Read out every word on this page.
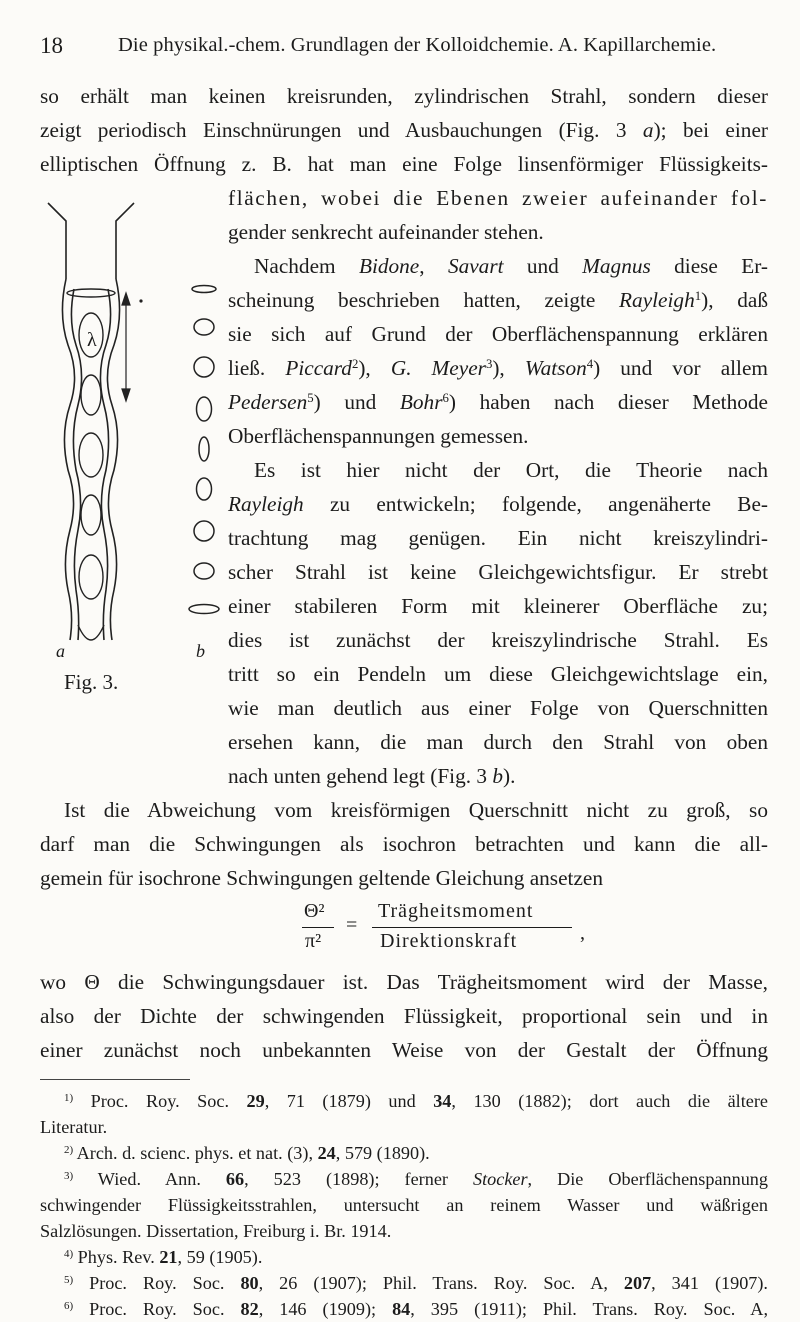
18	Die physikal.-chem. Grundlagen der Kolloidchemie. A. Kapillarchemie.
so erhält man keinen kreisrunden, zylindrischen Strahl, sondern dieser
zeigt periodisch Einschnürungen und Ausbauchungen (Fig. 3 a); bei einer
elliptischen Öffnung z. B. hat man eine Folge linsenförmiger Flüssigkeits-
flächen, wobei die Ebenen zweier aufeinander fol-
gender senkrecht aufeinander stehen.
Nachdem Bidone, Savart und Magnus diese Er-
scheinung beschrieben hatten, zeigte Rayleigh$^1$), daß
sie sich auf Grund der Oberflächenspannung erklären
ließ. Piccard$^2$), G. Meyer$^3$), Watson$^4$) und vor allem
Pedersen$^5$) und Bohr$^6$) haben nach dieser Methode
Oberflächenspannungen gemessen.
Es ist hier nicht der Ort, die Theorie nach
Rayleigh zu entwickeln; folgende, angenäherte Be-
trachtung mag genügen. Ein nicht kreiszylindri-
scher Strahl ist keine Gleichgewichtsfigur. Er strebt
einer stabileren Form mit kleinerer Oberfläche zu;
dies ist zunächst der kreiszylindrische Strahl. Es
tritt so ein Pendeln um diese Gleichgewichtslage ein,
wie man deutlich aus einer Folge von Querschnitten
ersehen kann, die man durch den Strahl von oben
nach unten gehend legt (Fig. 3 b).
Ist die Abweichung vom kreisförmigen Querschnitt nicht zu groß, so
darf man die Schwingungen als isochron betrachten und kann die all-
gemein für isochrone Schwingungen geltende Gleichung ansetzen
Θ²
π²
=
Trägheitsmoment
Direktionskraft	,
wo Θ die Schwingungsdauer ist. Das Trägheitsmoment wird der Masse,
also der Dichte der schwingenden Flüssigkeit, proportional sein und in
einer zunächst noch unbekannten Weise von der Gestalt der Öffnung
$^{1)}$ Proc. Roy. Soc. 29, 71 (1879) und 34, 130 (1882); dort auch die ältere
Literatur.
$^{2)}$ Arch. d. scienc. phys. et nat. (3), 24, 579 (1890).
$^{3)}$ Wied. Ann. 66, 523 (1898); ferner Stocker, Die Oberflächenspannung
schwingender Flüssigkeitsstrahlen, untersucht an reinem Wasser und wäßrigen
Salzlösungen. Dissertation, Freiburg i. Br. 1914.
$^{4)}$ Phys. Rev. 21, 59 (1905).
$^{5)}$ Proc. Roy. Soc. 80, 26 (1907); Phil. Trans. Roy. Soc. A, 207, 341 (1907).
$^{6)}$ Proc. Roy. Soc. 82, 146 (1909); 84, 395 (1911); Phil. Trans. Roy. Soc. A,
λ
a	b
Fig. 3.
